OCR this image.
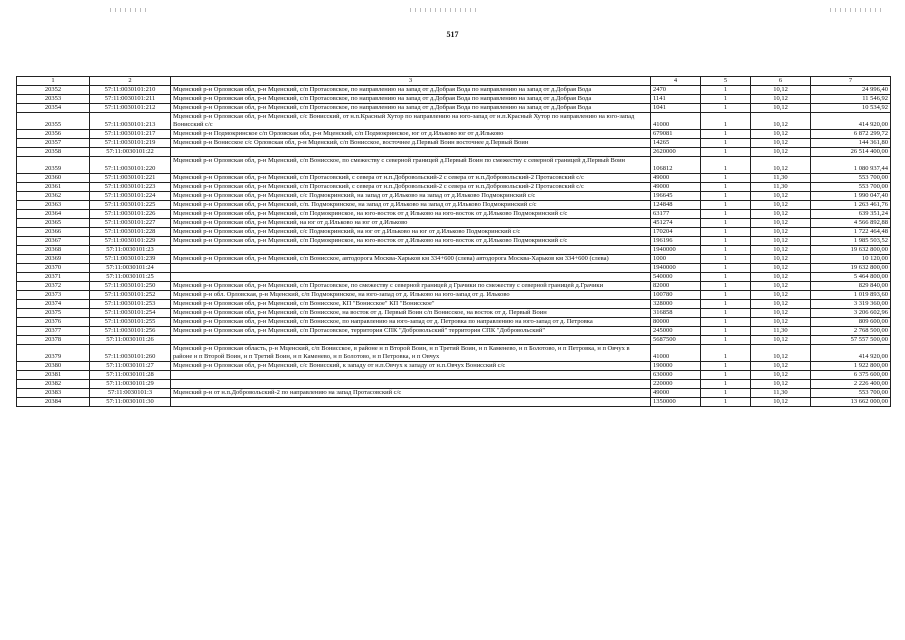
517
1	2	3	4	5	6	7
20352	57:11:0030101:210	Мценский р-н Орловская обл, р-н Мценский, с/п Протасовское, по направлению на запад от д.Добрая Вода по направлению на запад от д.Добрая Вода	2470	1	10,12	24 996,40
20353	57:11:0030101:211	Мценский р-н Орловская обл, р-н Мценский, с/п Протасовское, по направлению на запад от д.Добрая Вода по направлению на запад от д.Добрая Вода	1141	1	10,12	11 546,92
20354	57:11:0030101:212	Мценский р-н Орловская обл, р-н Мценский, с/п Протасовское, по направлению на запад от д.Добрая Вода по направлению на запад от д.Добрая Вода	1041	1	10,12	10 534,92
20355	57:11:0030101:213	Мценский р-н Орловская обл, р-н Мценский, с/с Вонисский, от н.п.Красный Хутор по направлению на юго-запад от н.п.Красный Хутор по направлению на юго-запад Вонисский с/с	41000	1	10,12	414 920,00
20356	57:11:0030101:217	Мценский р-н Подмокринское с/п Орловская обл, р-н Мценский, с/п Подмокринское, юг от д.Ильково юг от д.Ильково	679081	1	10,12	6 872 299,72
20357	57:11:0030101:219	Мценский р-н Вонисское с/с Орловская обл, р-н Мценский, с/п Вонисское, восточнее д.Первый Воин восточнее д.Первый Воин	14265	1	10,12	144 361,80
20358	57:11:0030101:22		2620000	1	10,12	26 514 400,00
20359	57:11:0030101:220	Мценский р-н Орловская обл, р-н Мценский, с/п Вонисское, по смежеству с северной границей д.Первый Воин по смежеству с северной границей д.Первый Воин	106812	1	10,12	1 080 937,44
20360	57:11:0030101:221	Мценский р-н Орловская обл, р-н Мценский, с/п Протасовский, с севера от н.п.Добровольский-2 с севера от н.п.Добровольский-2 Протасовский с/с	49000	1	11,30	553 700,00
20361	57:11:0030101:223	Мценский р-н Орловская обл, р-н Мценский, с/п Протасовский, с севера от н.п.Добровольский-2 с севера от н.п.Добровольский-2 Протасовский с/с	49000	1	11,30	553 700,00
20362	57:11:0030101:224	Мценский р-н Орловская обл, р-н Мценский, с/с Подмокринский, на запад от д.Ильково на запад от д.Ильково Подмокринский с/с	196645	1	10,12	1 990 047,40
20363	57:11:0030101:225	Мценский р-н Орловская обл, р-н Мценский, с/п. Подмокринское, на запад от д.Ильково на запад от д.Ильково Подмокринский с/с	124848	1	10,12	1 263 461,76
20364	57:11:0030101:226	Мценский р-н Орловская обл, р-н Мценский, с/п Подмокринское, на юго-восток от д Ильково на юго-восток от д.Ильково Подмокринский с/с	63177	1	10,12	639 351,24
20365	57:11:0030101:227	Мценский р-н Орловская обл, р-н Мценский, на юг от д.Ильково на юг от д.Ильково	451274	1	10,12	4 566 892,88
20366	57:11:0030101:228	Мценский р-н Орловская обл, р-н Мценский, с/с Подмокринский, на юг от д.Ильково на юг от д.Ильково Подмокринский с/с	170204	1	10,12	1 722 464,48
20367	57:11:0030101:229	Мценский р-н Орловская обл, р-н Мценский, с/п Подмокринское, на юго-восток от д.Ильково на юго-восток от д.Ильково Подмокринский с/с	196196	1	10,12	1 985 503,52
20368	57:11:0030101:23		1940000	1	10,12	19 632 800,00
20369	57:11:0030101:239	Мценский р-н Орловская обл, р-н Мценский, с/п Вонисское, автодорога Москва-Харьков км 334+600 (слева) автодорога Москва-Харьков км 334+600 (слева)	1000	1	10,12	10 120,00
20370	57:11:0030101:24		1940000	1	10,12	19 632 800,00
20371	57:11:0030101:25		540000	1	10,12	5 464 800,00
20372	57:11:0030101:250	Мценский р-н Орловская обл, р-н Мценский, с/п Протасовское, по смежеству с северной границей д Грачики по смежеству с северной границей д.Грачики	82000	1	10,12	829 840,00
20373	57:11:0030101:252	Мценский р-н обл. Орловская, р-н Мценский, с/п Подмокринское, на юго-запад от д. Ильково на юго-запад от д. Ильково	100780	1	10,12	1 019 893,60
20374	57:11:0030101:253	Мценский р-н Орловская обл, р-н Мценский, с/п Вонисское, КП "Вонисское" КП "Вонисское"	328000	1	10,12	3 319 360,00
20375	57:11:0030101:254	Мценский р-н Орловская обл, р-н Мценский, с/п Вонисское, на восток от д. Первый Воин с/п Вонисское, на восток от д. Первый Воин	316858	1	10,12	3 206 602,96
20376	57:11:0030101:255	Мценский р-н Орловская обл, р-н Мценский, с/п Вонисское, по направлению на юго-запад от д. Петровка по направлению на юго-запад от д. Петровка	80000	1	10,12	809 600,00
20377	57:11:0030101:256	Мценский р-н Орловская обл, р-н Мценский, с/п Протасовское, территория СПК "Добровольский" территория СПК "Добровольский"	245000	1	11,30	2 768 500,00
20378	57:11:0030101:26		5687500	1	10,12	57 557 500,00
20379	57:11:0030101:260	Мценский р-н Орловская область, р-н Мценский, с/п Вонисское, в районе н п Второй Воин, н п Третий Воин, н п Каменево, н п Болотово, н п Петровка, н п Овчух в районе н п Второй Воин, н п Третий Воин, н п Каменево, н п Болотово, н п Петровка, н п Овчух	41000	1	10,12	414 920,00
20380	57:11:0030101:27	Мценский р-н Орловская обл, р-н Мценский, с/с Вонисский, к западу от н.п.Овчух к западу от н.п.Овчух Вонисский с/с	190000	1	10,12	1 922 800,00
20381	57:11:0030101:28		630000	1	10,12	6 375 600,00
20382	57:11:0030101:29		220000	1	10,12	2 226 400,00
20383	57:11:0030101:3	Мценский р-н от н.п.Добровольский-2 по направлению на запад Протасовский с/с	49000	1	11,30	553 700,00
20384	57:11:0030101:30		1350000	1	10,12	13 662 000,00
